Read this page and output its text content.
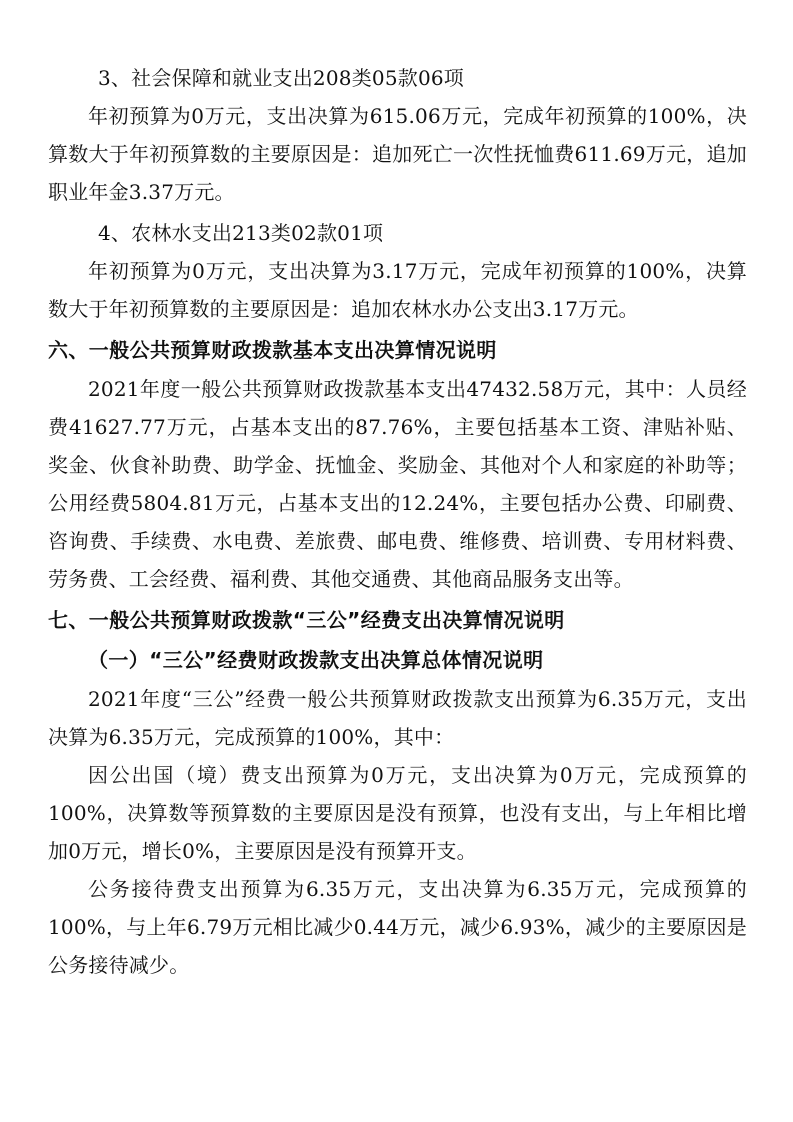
3、社会保障和就业支出208类05款06项

年初预算为0万元，支出决算为615.06万元，完成年初预算的100%，决算数大于年初预算数的主要原因是：追加死亡一次性抚恤费611.69万元，追加职业年金3.37万元。

4、农林水支出213类02款01项

年初预算为0万元，支出决算为3.17万元，完成年初预算的100%，决算数大于年初预算数的主要原因是：追加农林水办公支出3.17万元。

六、一般公共预算财政拨款基本支出决算情况说明

2021年度一般公共预算财政拨款基本支出47432.58万元，其中：人员经费41627.77万元，占基本支出的87.76%，主要包括基本工资、津贴补贴、奖金、伙食补助费、助学金、抚恤金、奖励金、其他对个人和家庭的补助等；公用经费5804.81万元，占基本支出的12.24%，主要包括办公费、印刷费、咨询费、手续费、水电费、差旅费、邮电费、维修费、培训费、专用材料费、劳务费、工会经费、福利费、其他交通费、其他商品服务支出等。

七、一般公共预算财政拨款“三公”经费支出决算情况说明

（一）“三公”经费财政拨款支出决算总体情况说明

2021年度“三公”经费一般公共预算财政拨款支出预算为6.35万元，支出决算为6.35万元，完成预算的100%，其中：

因公出国（境）费支出预算为0万元，支出决算为0万元，完成预算的100%，决算数等预算数的主要原因是没有预算，也没有支出，与上年相比增加0万元，增长0%，主要原因是没有预算开支。

公务接待费支出预算为6.35万元，支出决算为6.35万元，完成预算的100%，与上年6.79万元相比减少0.44万元，减少6.93%，减少的主要原因是公务接待减少。
